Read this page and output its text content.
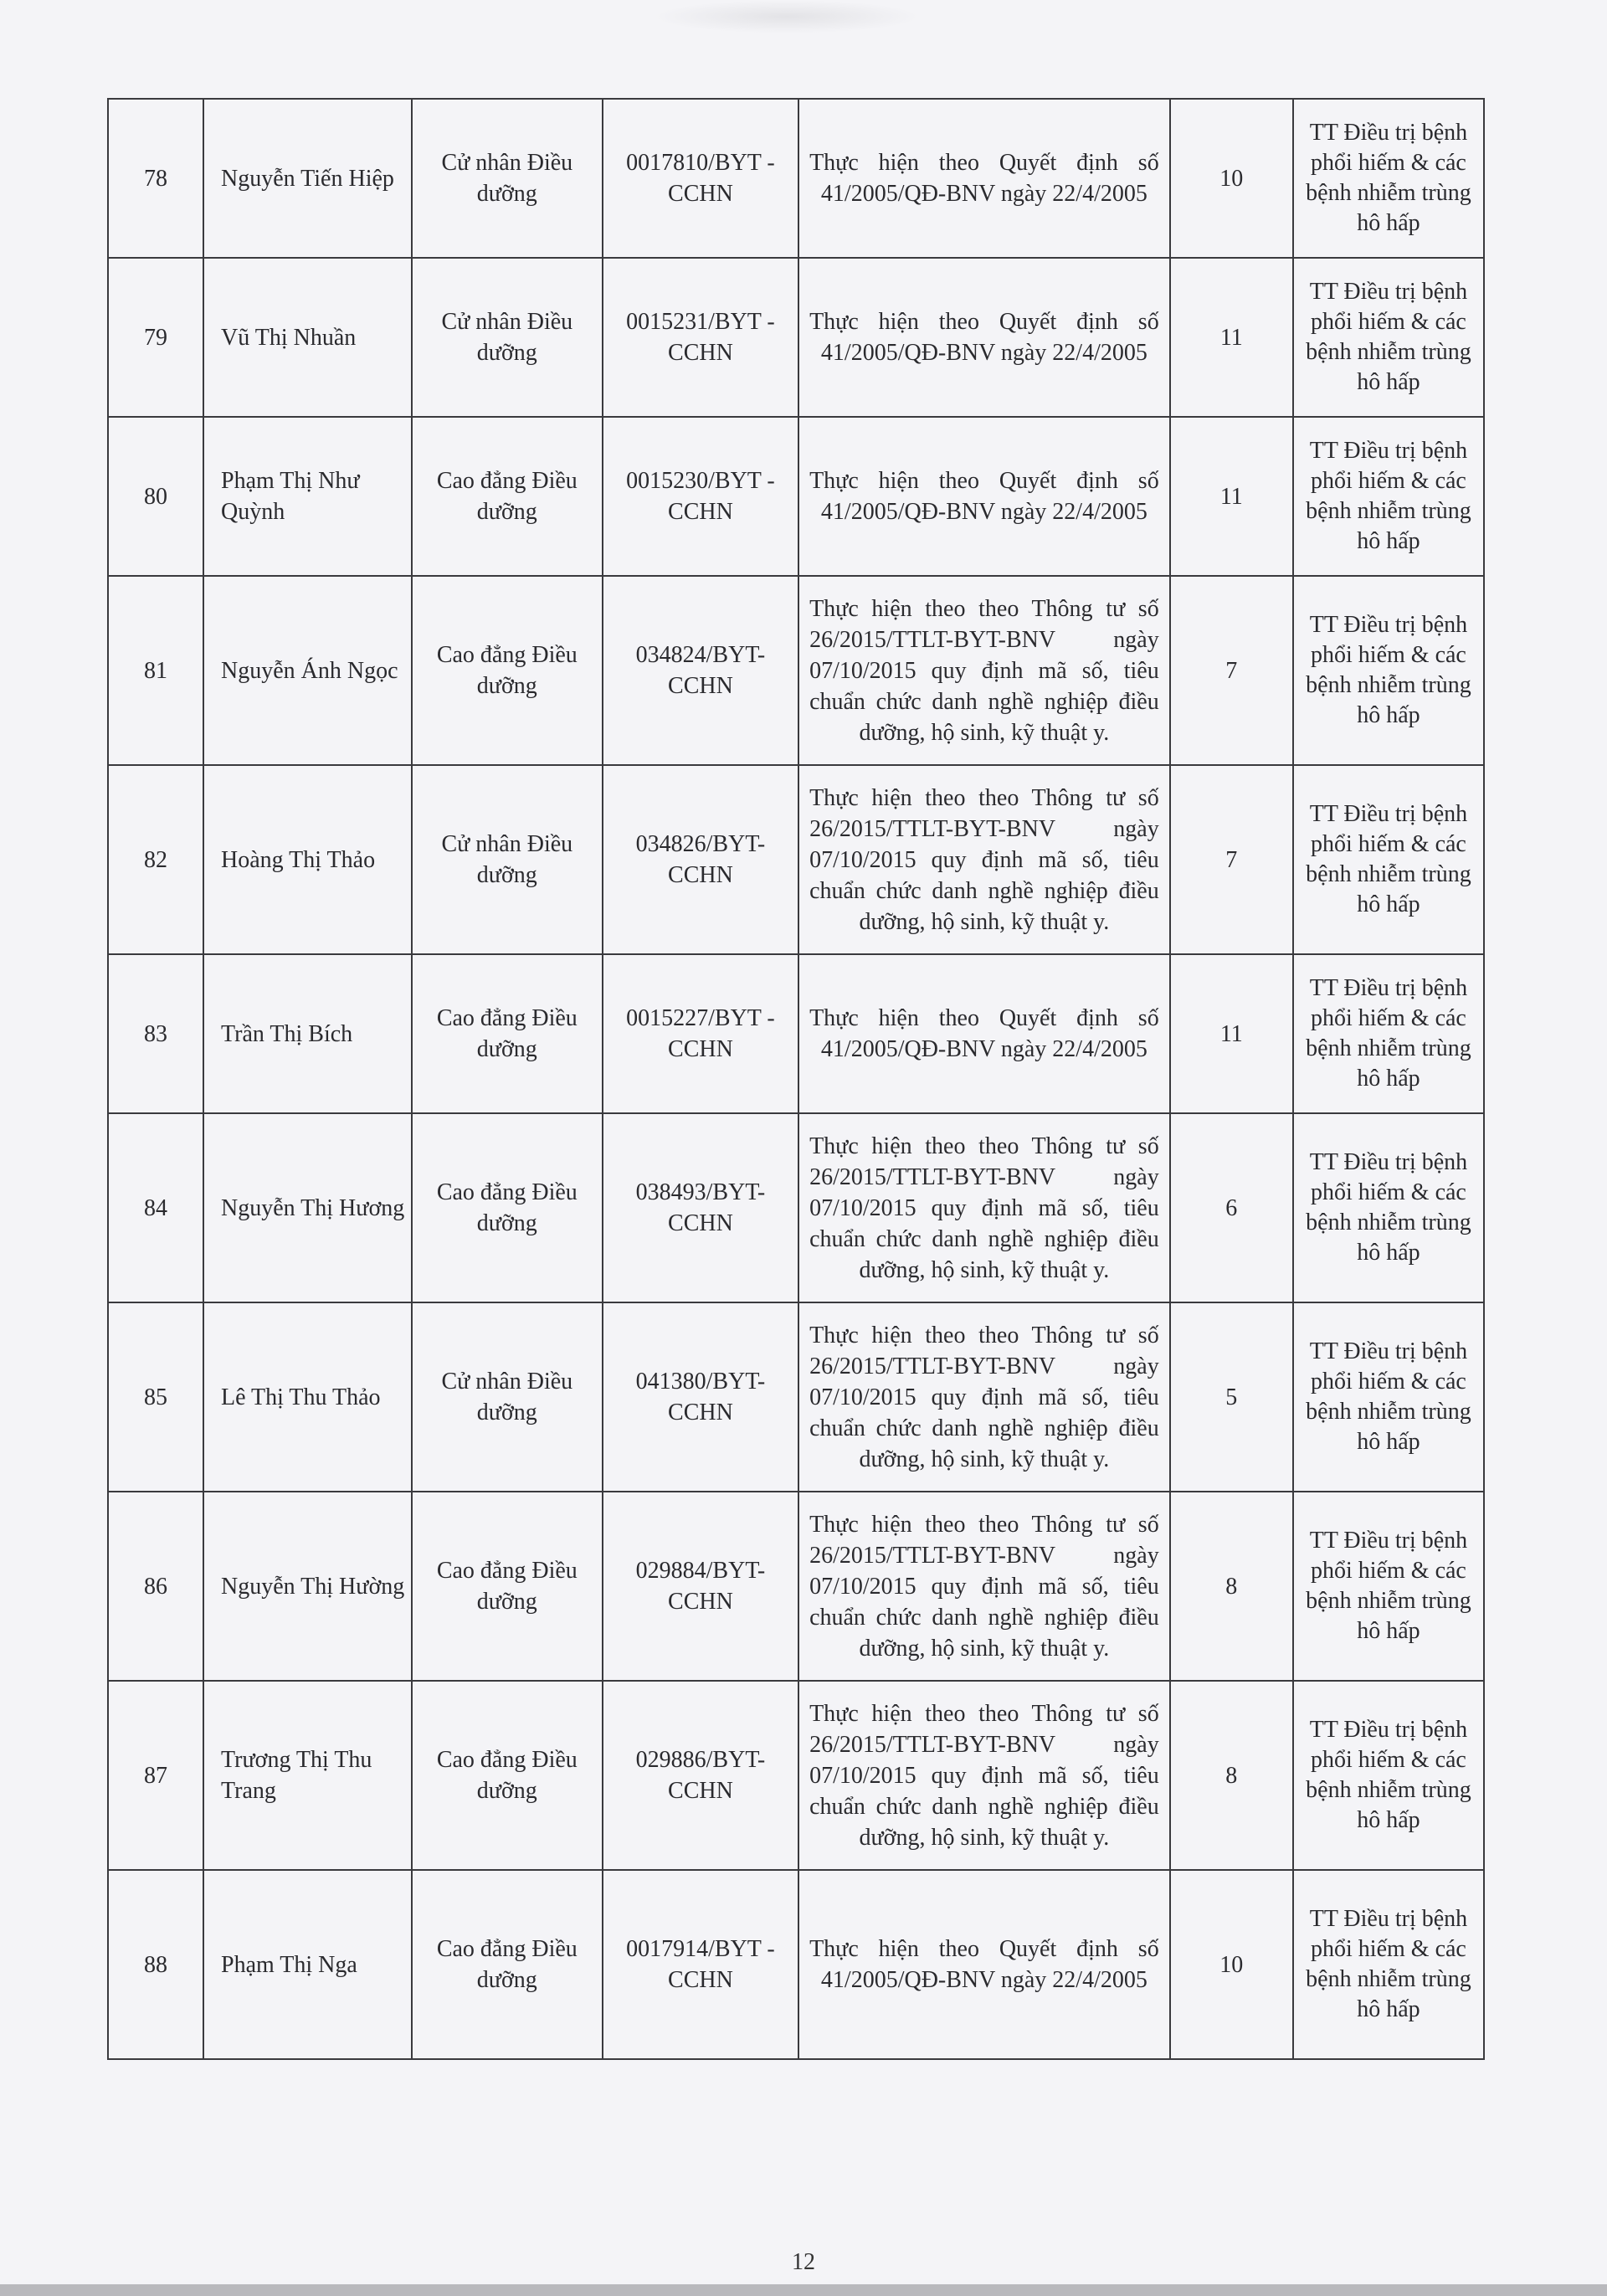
78	Nguyễn Tiến Hiệp	Cử nhân Điều dưỡng	0017810/BYT -CCHN	Thực hiện theo Quyết định số 41/2005/QĐ-BNV ngày 22/4/2005	10	TT Điều trị bệnh phổi hiếm & các bệnh nhiễm trùng hô hấp
79	Vũ Thị Nhuần	Cử nhân Điều dưỡng	0015231/BYT -CCHN	Thực hiện theo Quyết định số 41/2005/QĐ-BNV ngày 22/4/2005	11	TT Điều trị bệnh phổi hiếm & các bệnh nhiễm trùng hô hấp
80	Phạm Thị Như Quỳnh	Cao đẳng Điều dưỡng	0015230/BYT -CCHN	Thực hiện theo Quyết định số 41/2005/QĐ-BNV ngày 22/4/2005	11	TT Điều trị bệnh phổi hiếm & các bệnh nhiễm trùng hô hấp
81	Nguyễn Ánh Ngọc	Cao đẳng Điều dưỡng	034824/BYT-CCHN	Thực hiện theo theo Thông tư số 26/2015/TTLT-BYT-BNV ngày 07/10/2015 quy định mã số, tiêu chuẩn chức danh nghề nghiệp điều dưỡng, hộ sinh, kỹ thuật y.	7	TT Điều trị bệnh phổi hiếm & các bệnh nhiễm trùng hô hấp
82	Hoàng Thị Thảo	Cử nhân Điều dưỡng	034826/BYT-CCHN	Thực hiện theo theo Thông tư số 26/2015/TTLT-BYT-BNV ngày 07/10/2015 quy định mã số, tiêu chuẩn chức danh nghề nghiệp điều dưỡng, hộ sinh, kỹ thuật y.	7	TT Điều trị bệnh phổi hiếm & các bệnh nhiễm trùng hô hấp
83	Trần Thị Bích	Cao đẳng Điều dưỡng	0015227/BYT -CCHN	Thực hiện theo Quyết định số 41/2005/QĐ-BNV ngày 22/4/2005	11	TT Điều trị bệnh phổi hiếm & các bệnh nhiễm trùng hô hấp
84	Nguyễn Thị Hương	Cao đẳng Điều dưỡng	038493/BYT-CCHN	Thực hiện theo theo Thông tư số 26/2015/TTLT-BYT-BNV ngày 07/10/2015 quy định mã số, tiêu chuẩn chức danh nghề nghiệp điều dưỡng, hộ sinh, kỹ thuật y.	6	TT Điều trị bệnh phổi hiếm & các bệnh nhiễm trùng hô hấp
85	Lê Thị Thu Thảo	Cử nhân Điều dưỡng	041380/BYT-CCHN	Thực hiện theo theo Thông tư số 26/2015/TTLT-BYT-BNV ngày 07/10/2015 quy định mã số, tiêu chuẩn chức danh nghề nghiệp điều dưỡng, hộ sinh, kỹ thuật y.	5	TT Điều trị bệnh phổi hiếm & các bệnh nhiễm trùng hô hấp
86	Nguyễn Thị Hường	Cao đẳng Điều dưỡng	029884/BYT-CCHN	Thực hiện theo theo Thông tư số 26/2015/TTLT-BYT-BNV ngày 07/10/2015 quy định mã số, tiêu chuẩn chức danh nghề nghiệp điều dưỡng, hộ sinh, kỹ thuật y.	8	TT Điều trị bệnh phổi hiếm & các bệnh nhiễm trùng hô hấp
87	Trương Thị Thu Trang	Cao đẳng Điều dưỡng	029886/BYT-CCHN	Thực hiện theo theo Thông tư số 26/2015/TTLT-BYT-BNV ngày 07/10/2015 quy định mã số, tiêu chuẩn chức danh nghề nghiệp điều dưỡng, hộ sinh, kỹ thuật y.	8	TT Điều trị bệnh phổi hiếm & các bệnh nhiễm trùng hô hấp
88	Phạm Thị Nga	Cao đẳng Điều dưỡng	0017914/BYT -CCHN	Thực hiện theo Quyết định số 41/2005/QĐ-BNV ngày 22/4/2005	10	TT Điều trị bệnh phổi hiếm & các bệnh nhiễm trùng hô hấp
12
